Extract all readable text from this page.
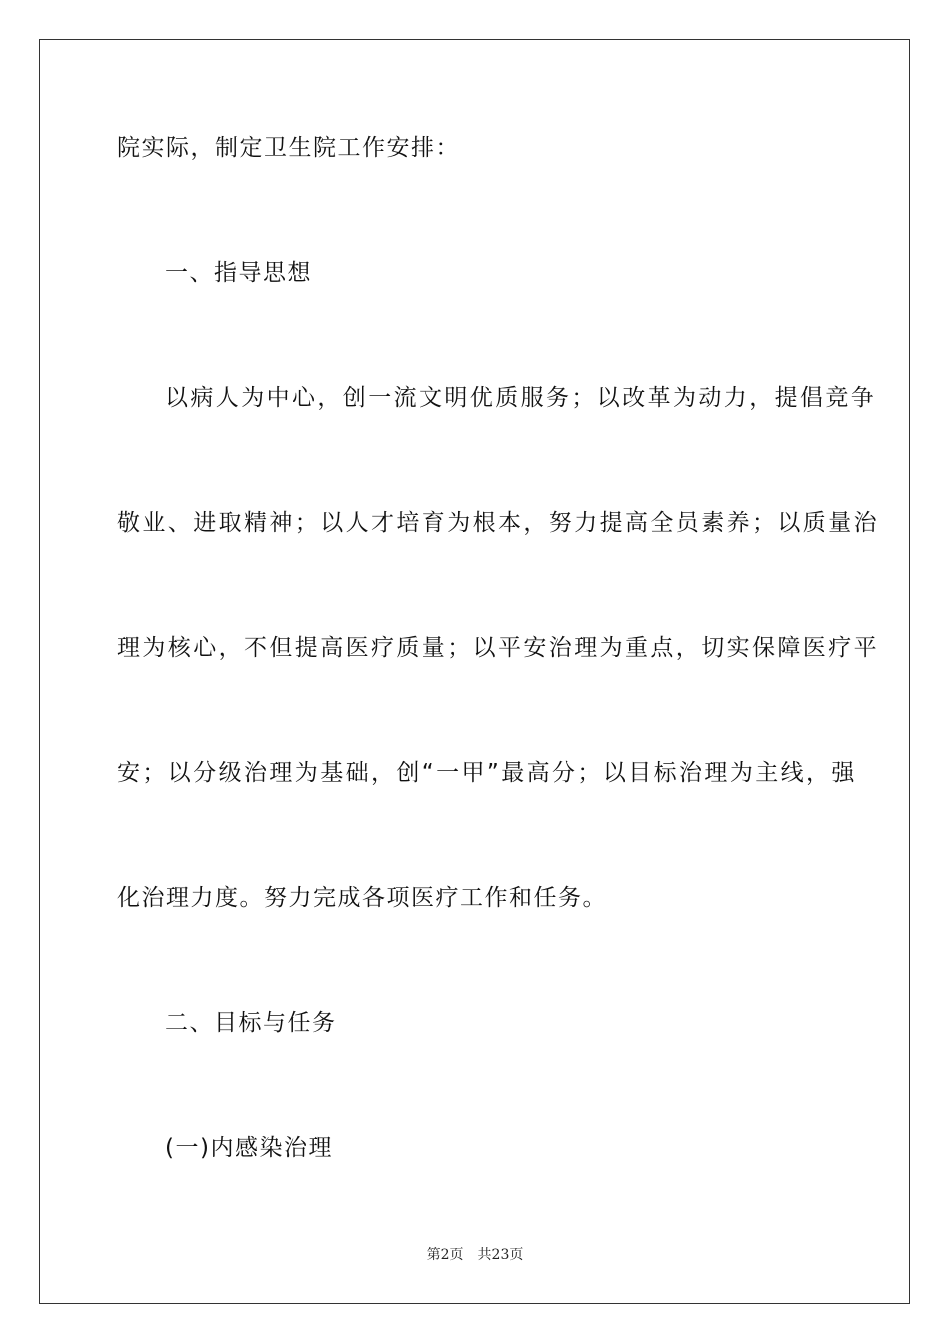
院实际，制定卫生院工作安排：
一、指导思想
以病人为中心，创一流文明优质服务；以改革为动力，提倡竞争
敬业、进取精神；以人才培育为根本，努力提高全员素养；以质量治
理为核心，不但提高医疗质量；以平安治理为重点，切实保障医疗平
安；以分级治理为基础，创“一甲”最高分；以目标治理为主线，强
化治理力度。努力完成各项医疗工作和任务。
二、目标与任务
(一)内感染治理
第2页 共23页
